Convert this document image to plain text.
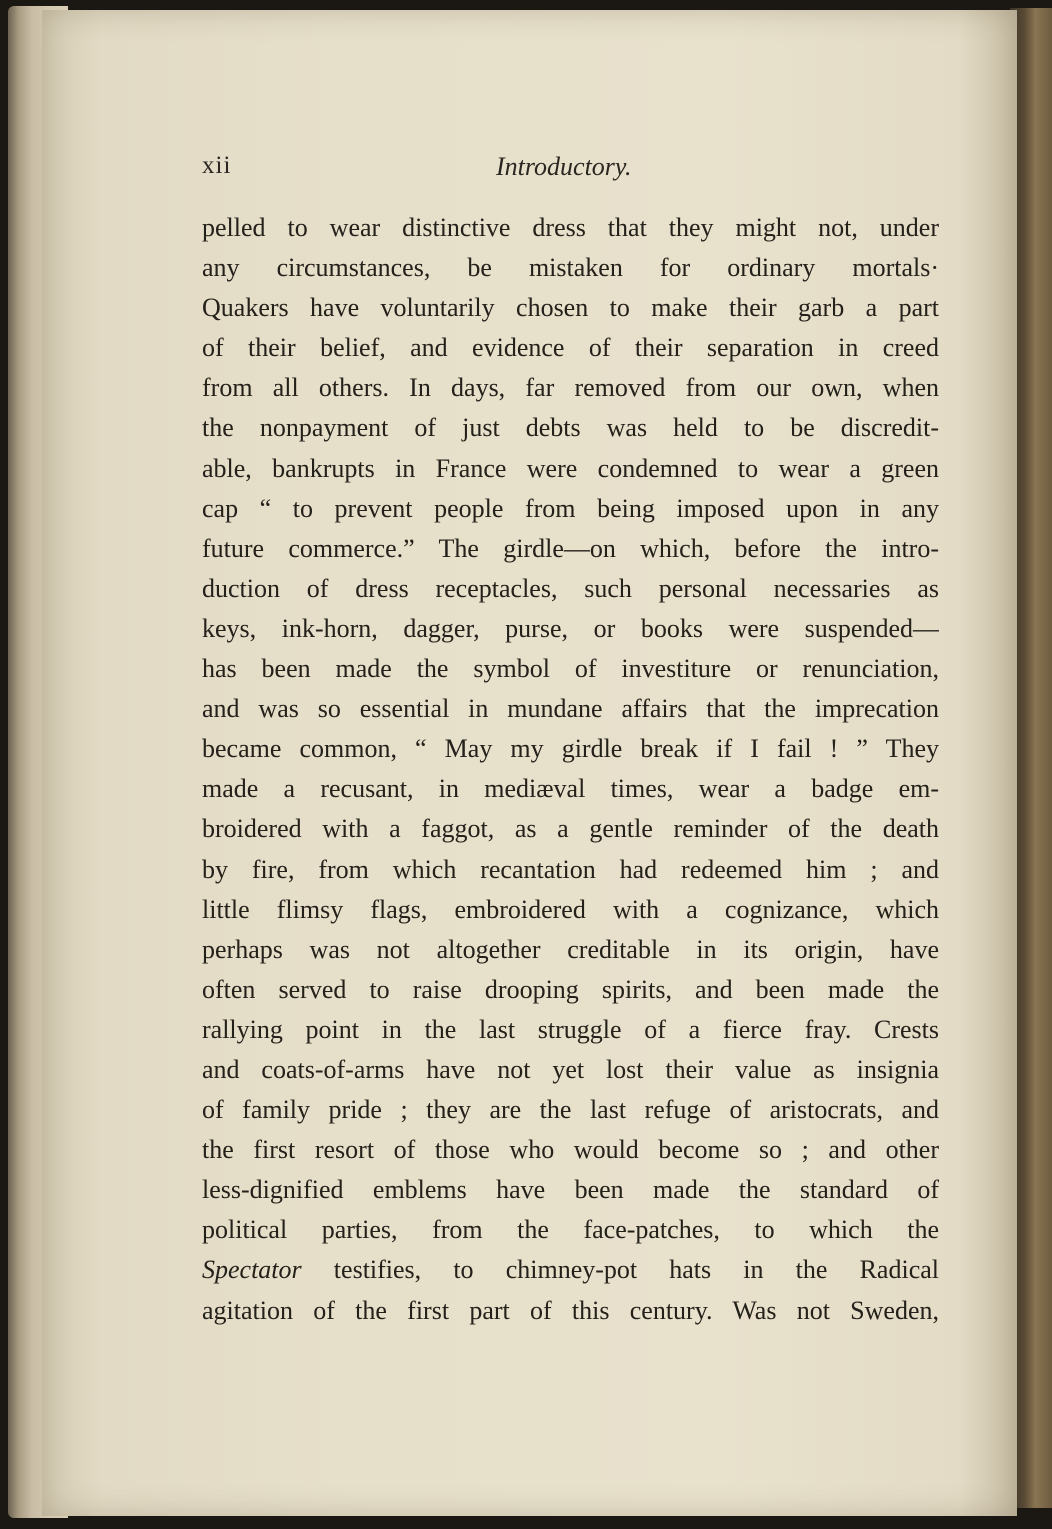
xii	Introductory.
pelled to wear distinctive dress that they might not, under
any circumstances, be mistaken for ordinary mortals·
Quakers have voluntarily chosen to make their garb a part
of their belief, and evidence of their separation in creed
from all others. In days, far removed from our own, when
the nonpayment of just debts was held to be discredit-
able, bankrupts in France were condemned to wear a green
cap “ to prevent people from being imposed upon in any
future commerce.” The girdle—on which, before the intro-
duction of dress receptacles, such personal necessaries as
keys, ink-horn, dagger, purse, or books were suspended—
has been made the symbol of investiture or renunciation,
and was so essential in mundane affairs that the imprecation
became common, “ May my girdle break if I fail ! ” They
made a recusant, in mediæval times, wear a badge em-
broidered with a faggot, as a gentle reminder of the death
by fire, from which recantation had redeemed him ; and
little flimsy flags, embroidered with a cognizance, which
perhaps was not altogether creditable in its origin, have
often served to raise drooping spirits, and been made the
rallying point in the last struggle of a fierce fray. Crests
and coats-of-arms have not yet lost their value as insignia
of family pride ; they are the last refuge of aristocrats, and
the first resort of those who would become so ; and other
less-dignified emblems have been made the standard of
political parties, from the face-patches, to which the
Spectator testifies, to chimney-pot hats in the Radical
agitation of the first part of this century. Was not Sweden,
